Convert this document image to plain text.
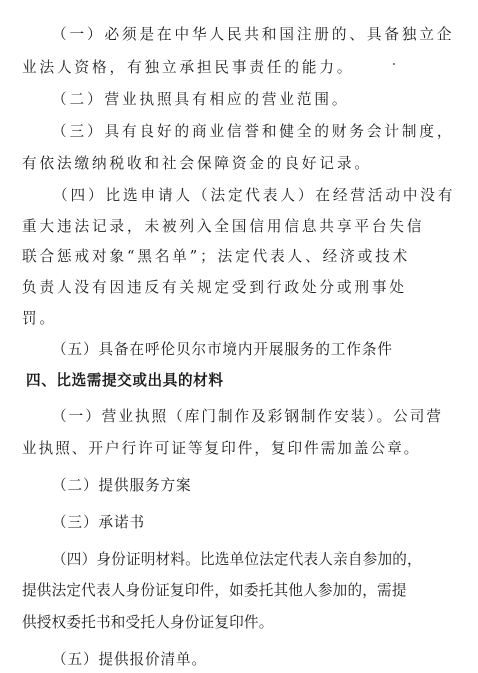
（一）必须是在中华人民共和国注册的、具备独立企
业法人资格，有独立承担民事责任的能力。
（二）营业执照具有相应的营业范围。
（三）具有良好的商业信誉和健全的财务会计制度，
有依法缴纳税收和社会保障资金的良好记录。
（四）比选申请人（法定代表人）在经营活动中没有
重大违法记录，未被列入全国信用信息共享平台失信
联合惩戒对象“黑名单”；法定代表人、经济或技术
负责人没有因违反有关规定受到行政处分或刑事处
罚。
（五）具备在呼伦贝尔市境内开展服务的工作条件
四、比选需提交或出具的材料
（一）营业执照（库门制作及彩钢制作安装）。公司营
业执照、开户行许可证等复印件，复印件需加盖公章。
（二）提供服务方案
（三）承诺书
（四）身份证明材料。比选单位法定代表人亲自参加的，
提供法定代表人身份证复印件，如委托其他人参加的，需提
供授权委托书和受托人身份证复印件。
（五）提供报价清单。
